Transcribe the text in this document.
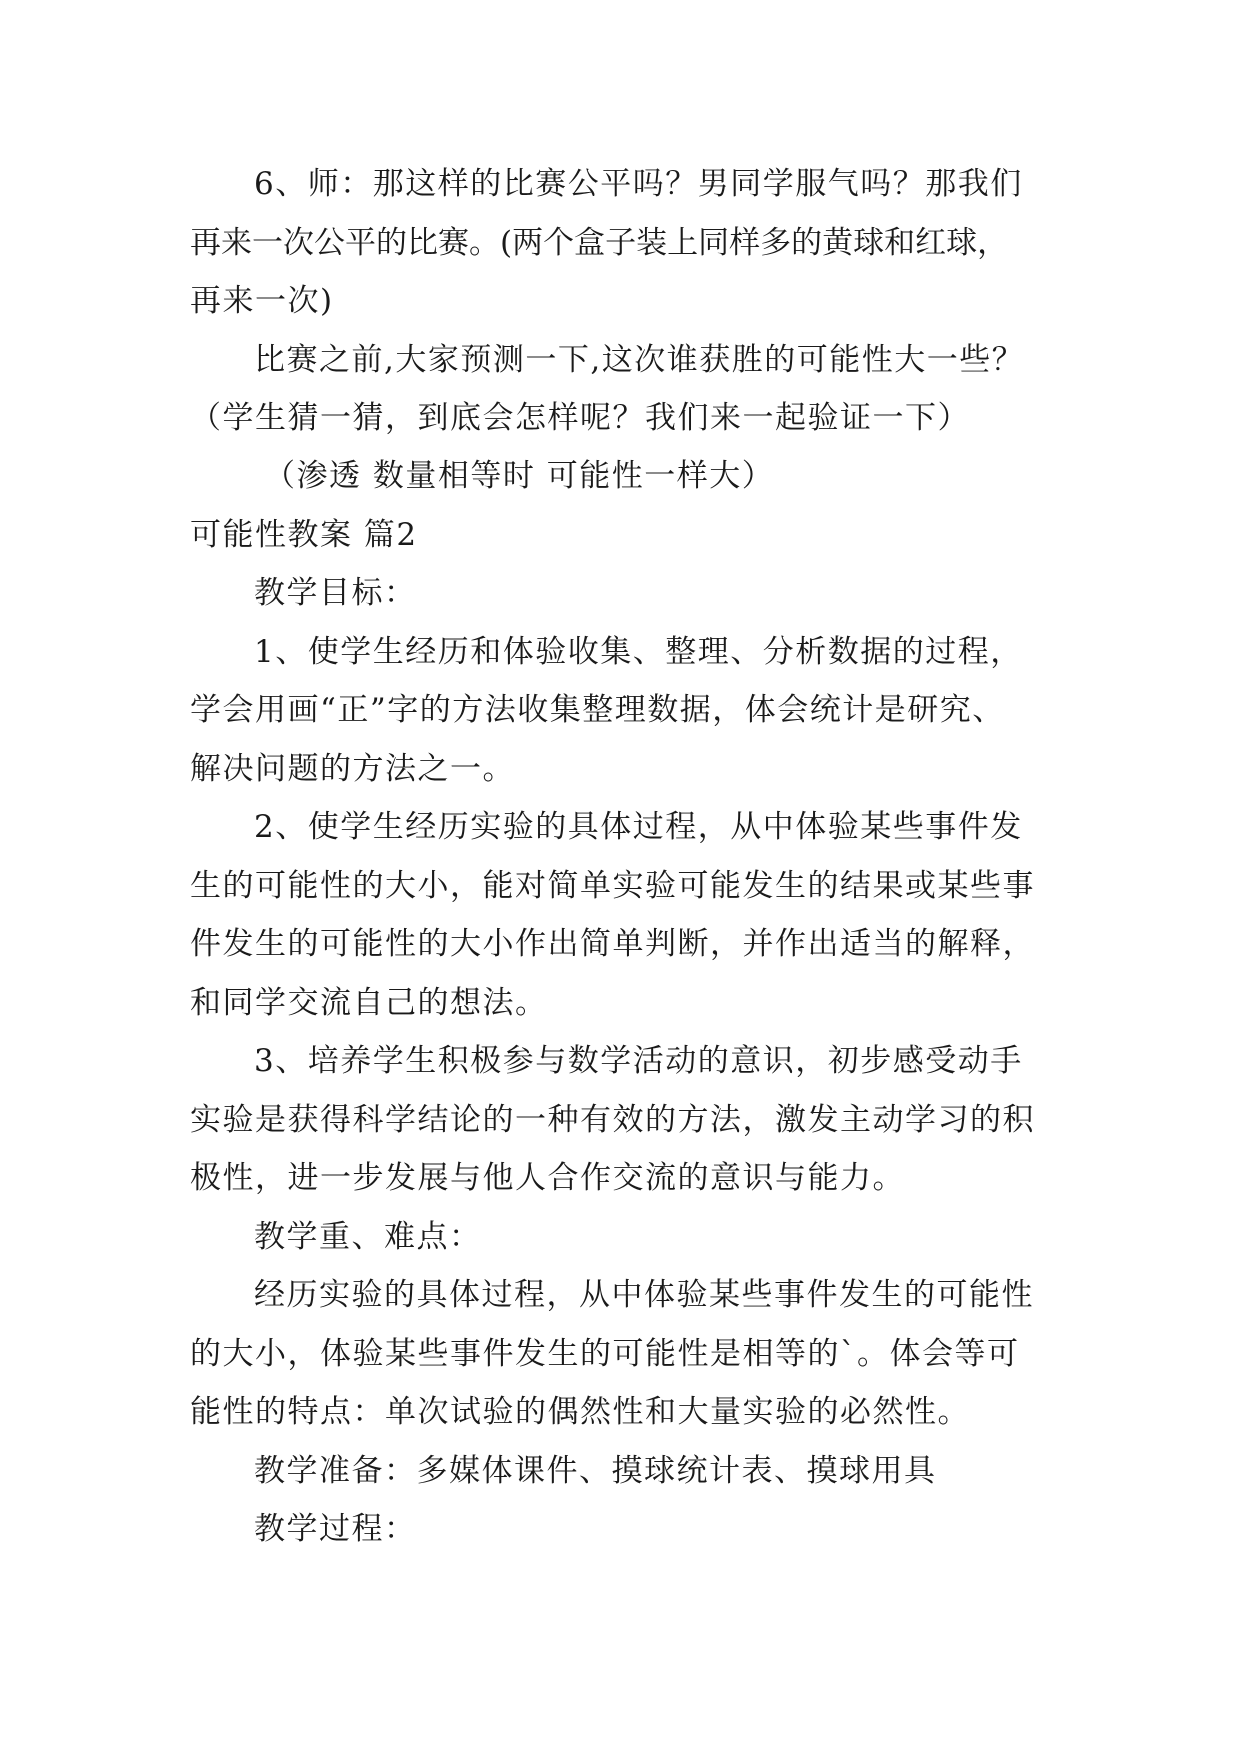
6、师：那这样的比赛公平吗？男同学服气吗？那我们
再来一次公平的比赛。(两个盒子装上同样多的黄球和红球，
再来一次)
比赛之前,大家预测一下,这次谁获胜的可能性大一些？
（学生猜一猜，到底会怎样呢？我们来一起验证一下）
（渗透 数量相等时 可能性一样大）
可能性教案 篇2
教学目标：
1、使学生经历和体验收集、整理、分析数据的过程，
学会用画“正”字的方法收集整理数据，体会统计是研究、
解决问题的方法之一。
2、使学生经历实验的具体过程，从中体验某些事件发
生的可能性的大小，能对简单实验可能发生的结果或某些事
件发生的可能性的大小作出简单判断，并作出适当的解释，
和同学交流自己的想法。
3、培养学生积极参与数学活动的意识，初步感受动手
实验是获得科学结论的一种有效的方法，激发主动学习的积
极性，进一步发展与他人合作交流的意识与能力。
教学重、难点：
经历实验的具体过程，从中体验某些事件发生的可能性
的大小，体验某些事件发生的可能性是相等的`。体会等可
能性的特点：单次试验的偶然性和大量实验的必然性。
教学准备：多媒体课件、摸球统计表、摸球用具
教学过程：
